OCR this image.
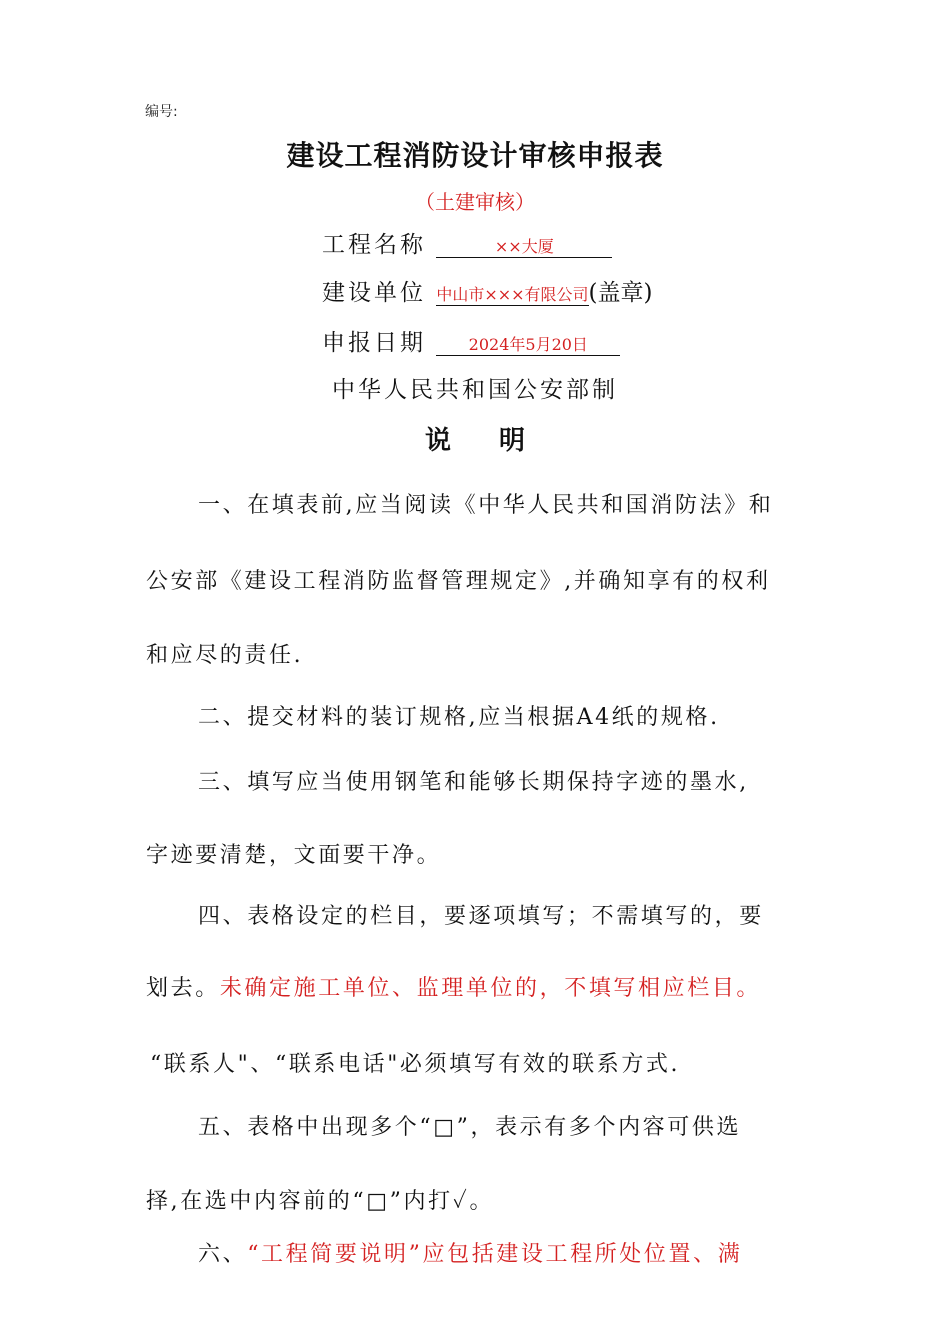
编号:
建设工程消防设计审核申报表
（土建审核）
工程名称	××大厦
建设单位 中山市×××有限公司(盖章)
申报日期	2024年5月20日
中华人民共和国公安部制
说明
一、在填表前,应当阅读《中华人民共和国消防法》和
公安部《建设工程消防监督管理规定》,并确知享有的权利
和应尽的责任.
二、提交材料的装订规格,应当根据A4纸的规格.
三、填写应当使用钢笔和能够长期保持字迹的墨水,
字迹要清楚，文面要干净。
四、表格设定的栏目，要逐项填写；不需填写的，要
划去。未确定施工单位、监理单位的，不填写相应栏目。
“联系人"、“联系电话"必须填写有效的联系方式.
五、表格中出现多个“□”，表示有多个内容可供选
择,在选中内容前的“□”内打✓。
六、“工程简要说明”应包括建设工程所处位置、满
